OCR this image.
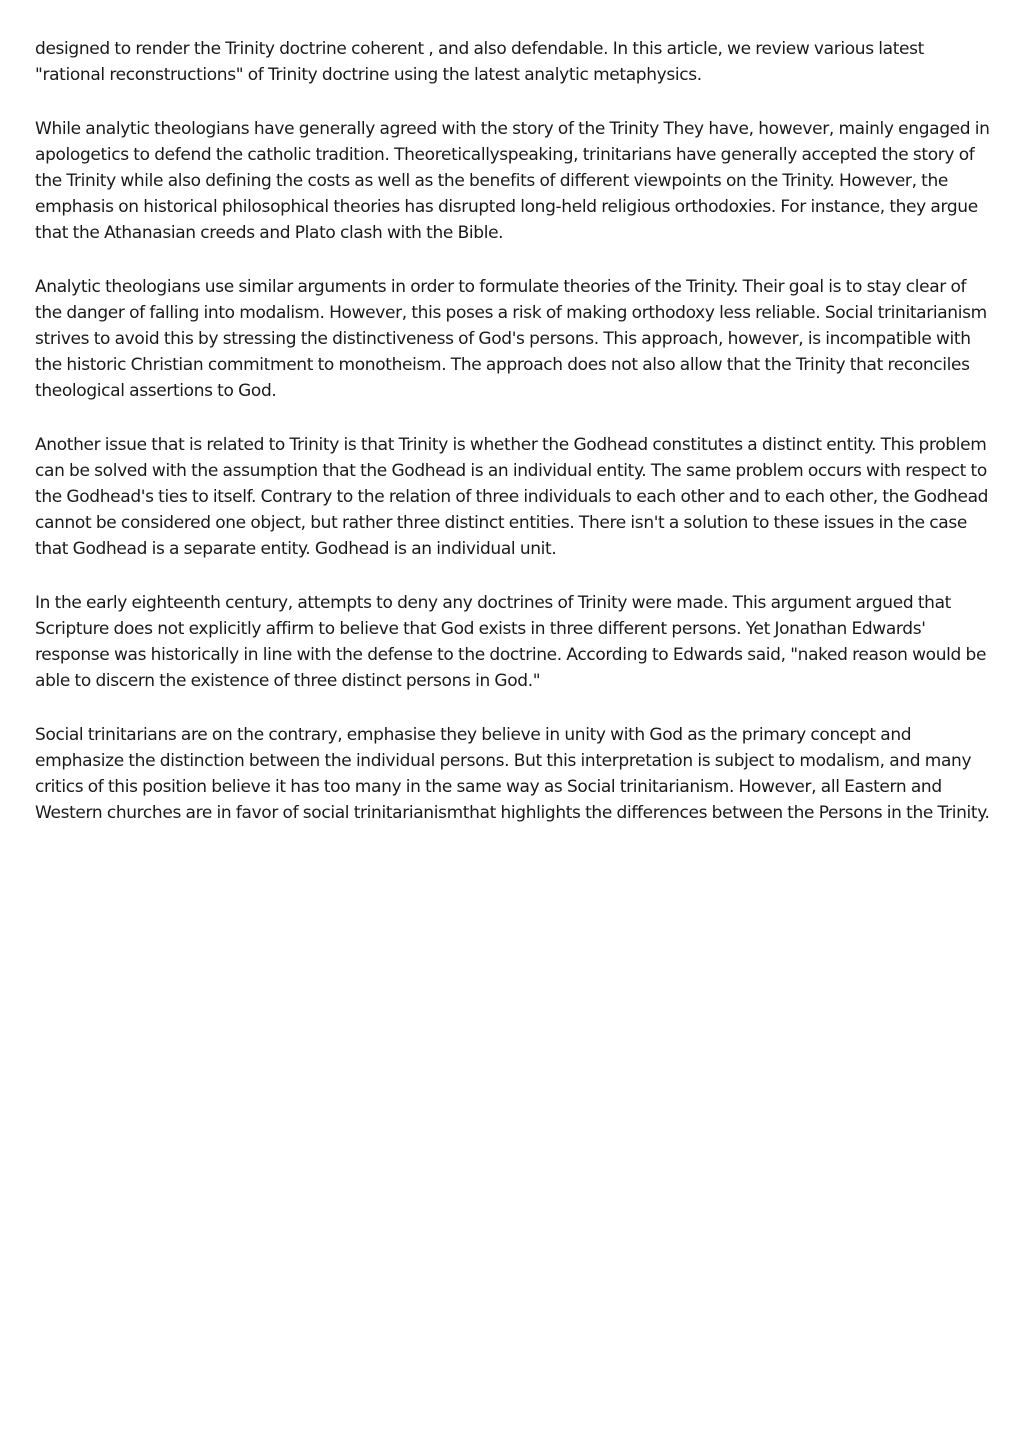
designed to render the Trinity doctrine coherent , and also defendable. In this article, we review various latest "rational reconstructions" of Trinity doctrine using the latest analytic metaphysics.

While analytic theologians have generally agreed with the story of the Trinity They have, however, mainly engaged in apologetics to defend the catholic tradition. Theoreticallyspeaking, trinitarians have generally accepted the story of the Trinity while also defining the costs as well as the benefits of different viewpoints on the Trinity. However, the emphasis on historical philosophical theories has disrupted long-held religious orthodoxies. For instance, they argue that the Athanasian creeds and Plato clash with the Bible.

Analytic theologians use similar arguments in order to formulate theories of the Trinity. Their goal is to stay clear of the danger of falling into modalism. However, this poses a risk of making orthodoxy less reliable. Social trinitarianism strives to avoid this by stressing the distinctiveness of God's persons. This approach, however, is incompatible with the historic Christian commitment to monotheism. The approach does not also allow that the Trinity that reconciles theological assertions to God.

Another issue that is related to Trinity is that Trinity is whether the Godhead constitutes a distinct entity. This problem can be solved with the assumption that the Godhead is an individual entity. The same problem occurs with respect to the Godhead's ties to itself. Contrary to the relation of three individuals to each other and to each other, the Godhead cannot be considered one object, but rather three distinct entities. There isn't a solution to these issues in the case that Godhead is a separate entity. Godhead is an individual unit.

In the early eighteenth century, attempts to deny any doctrines of Trinity were made. This argument argued that Scripture does not explicitly affirm to believe that God exists in three different persons. Yet Jonathan Edwards' response was historically in line with the defense to the doctrine. According to Edwards said, "naked reason would be able to discern the existence of three distinct persons in God."

Social trinitarians are on the contrary, emphasise they believe in unity with God as the primary concept and emphasize the distinction between the individual persons. But this interpretation is subject to modalism, and many critics of this position believe it has too many in the same way as Social trinitarianism. However, all Eastern and Western churches are in favor of social trinitarianismthat highlights the differences between the Persons in the Trinity.
